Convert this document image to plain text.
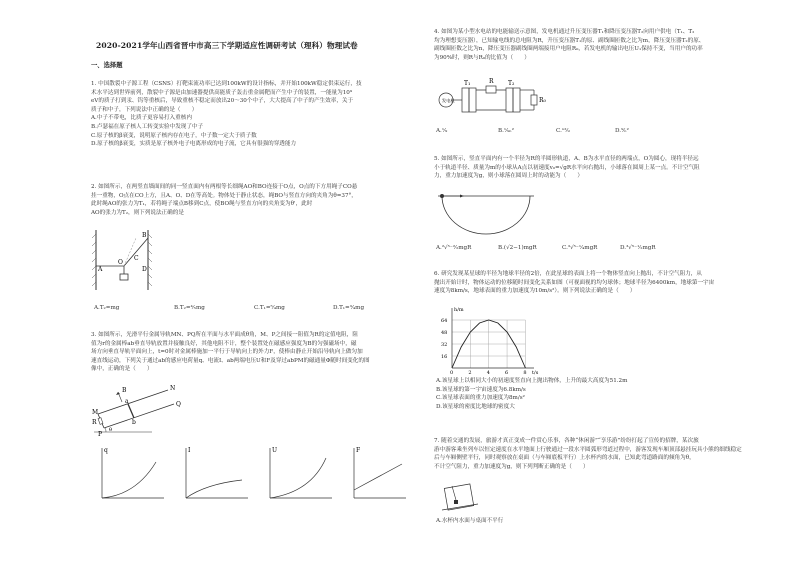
2020-2021学年山西省晋中市高三下学期适应性调研考试（理科）物理试卷
一、选择题

1. 中国散裂中子源工程（CSNS）打靶束流功率已达到100kW的设计指标，并开始100kW稳定供束运行，技

术水平达到世界前列，散裂中子源是由加速器提供高能质子轰击重金属靶而产生中子的装置，一能量为10⁹

eV的质子打到汞、钨等重核后，导致重核不稳定而放出20～30个中子，大大提高了中子的产生效率，关于

质子和中子，下列说法中正确的是（　　）

A.中子不带电，比质子更容易打入重核内

B.卢瑟福在原子核人工转变实验中发现了中子

C.原子核的β衰变，说明原子核内存在电子，中子数一定大于质子数

D.原子核的β衰变，实质是原子核外电子电离形成的电子流，它具有很强的穿透能力

2. 如图所示，在两竖直墙面间的同一竖直面内有两根等长细绳AO和BO连接于O点，O点的下方用绳子CO悬

挂一重物，O点在CO上方，且A、O、D在等高处。物体处于静止状态，绳BO与竖直方向的夹角为θ=37°，

此时绳AO的张力为T₁，若将绳子端点B移到C点，使BO绳与竖直方向的夹角变为θ'，此时

AO的张力为T₂，则下列说法正确的是

A
B
C
O
D
A.T₂=mg	B.T₂=⁴⁄₅mg	C.T₁=⁵⁄₄mg	D.T₁=³⁄₄mg

3. 如图所示，光滑平行金属导轨MN、PQ所在平面与水平面成θ角，M、P之间接一阻值为R的定值电阻，阻

值为r的金属棒ab垂直导轨放置并接触良好，其他电阻不计，整个装置处在磁感应强度为B的匀强磁场中，磁

场方向垂直导轨平面向上，t=0时对金属棒施加一平行于导轨向上的外力F，使棒由静止开始沿导轨向上做匀加

速直线运动，下列关于通过ab的感应电荷量q、电流I、ab两端电压U和F及穿过abPM的磁通量Φ随时间变化的图

像中，正确的是（　　）

M
N
P
Q
B
R
a
b
θ
q	I	U	F

4. 如图为某小型水电站的电能输送示意图，发电机通过升压变压器T₁和降压变压器T₂向用户供电（T₁、T₂

均为理想变压器），已知输电线的总电阻为R，升压变压器T₁的原、副线圈匝数之比为m，降压变压器T₂的原、

副线圈匝数之比为n，降压变压器副线圈两端接用户电阻R₀，若发电机的输出电压U₁保持不变，当用户的功率

为90%时，则R与R₀的比值为（　　）

发电机
T₁	R T₂
R₀
A.¹⁄₉	B.¹⁄₉ₙ²	C.ⁿ²⁄₉	D.⁹⁄ₙ²

5. 如图所示，竖直平面内有一个半径为R的半圆形轨道，A、B为水平直径的两端点，O为圆心，现将半径远

小于轨道半径、质量为m的小球从A点以初速度v₀=√gR水平向右抛出，小球落在圆周上某一点。不计空气阻

力，重力加速度为g，则小球落在圆周上时的动能为（　　）

A.²√⁵⁻²⁄₂mgR	B.(√2−1)mgR	C.³√⁵⁻¹⁄₄mgR	D.³√⁵⁻¹⁄₂mgR

6. 研究发现某星球的半径为地球半径的2倍，在此星球的表面上将一个物体竖直向上抛出，不计空气阻力，从

抛出开始计时，物体运动的位移随时间变化关系如图（可视面视的均匀球体；地球半径为6400km，地球第一宇宙

速度为8km/s，地球表面的重力加速度为10m/s²）。则下列说法正确的是（　　）

0	2	4	6	8
16
32
48
64
t/s
h/m

A.该星球上以相同大小的初速度竖直向上抛出物体，上升的最大高度为51.2m

B.该星球的第一宇宙速度为6.8km/s

C.该星球表面的重力加速度为8m/s²

D.该星球的密度比地球的密度大

7. 随着交通的发展，旅游才真正变成一件赏心乐事，各种“休闲游”“享乐游”纷纷打起了宣传的招牌，某次旅

游中游客乘坐列车以恒定速度在水平地面上行驶通过一段水平圆弧形弯道过程中，游客发现车厢顶部悬挂玩具小熊的细线稳定

后与车厢侧壁平行，同时观察放在桌面（与车厢底板平行）上水杯内的水面，已知此弯道路面的倾角为θ，

不计空气阻力，重力加速度为g，则下列判断正确的是（　　）

A.水杯内水面与桌面不平行
